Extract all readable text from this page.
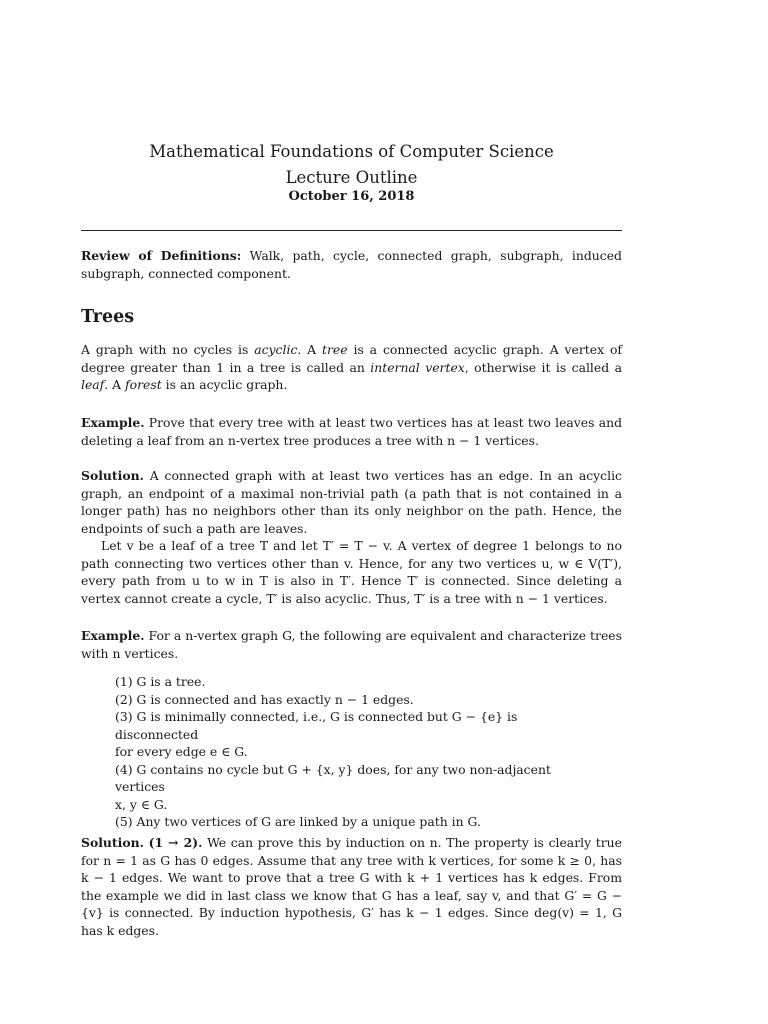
Mathematical Foundations of Computer Science
Lecture Outline
October 16, 2018
Review of Definitions: Walk, path, cycle, connected graph, subgraph, induced subgraph, connected component.
Trees
A graph with no cycles is acyclic. A tree is a connected acyclic graph. A vertex of degree greater than 1 in a tree is called an internal vertex, otherwise it is called a leaf. A forest is an acyclic graph.
Example. Prove that every tree with at least two vertices has at least two leaves and deleting a leaf from an n-vertex tree produces a tree with n − 1 vertices.

Solution. A connected graph with at least two vertices has an edge. In an acyclic graph, an endpoint of a maximal non-trivial path (a path that is not contained in a longer path) has no neighbors other than its only neighbor on the path. Hence, the endpoints of such a path are leaves.

Let v be a leaf of a tree T and let T′ = T − v. A vertex of degree 1 belongs to no path connecting two vertices other than v. Hence, for any two vertices u, w ∈ V(T′), every path from u to w in T is also in T′. Hence T′ is connected. Since deleting a vertex cannot create a cycle, T′ is also acyclic. Thus, T′ is a tree with n − 1 vertices.

Example. For a n-vertex graph G, the following are equivalent and characterize trees with n vertices.

(1) G is a tree.

(2) G is connected and has exactly n − 1 edges.

(3) G is minimally connected, i.e., G is connected but G − {e} is disconnected

for every edge e ∈ G.

(4) G contains no cycle but G + {x, y} does, for any two non-adjacent vertices

x, y ∈ G.

(5) Any two vertices of G are linked by a unique path in G.

Solution. (1 → 2). We can prove this by induction on n. The property is clearly true for n = 1 as G has 0 edges. Assume that any tree with k vertices, for some k ≥ 0, has k − 1 edges. We want to prove that a tree G with k + 1 vertices has k edges. From the example we did in last class we know that G has a leaf, say v, and that G′ = G − {v} is connected. By induction hypothesis, G′ has k − 1 edges. Since deg(v) = 1, G has k edges.
